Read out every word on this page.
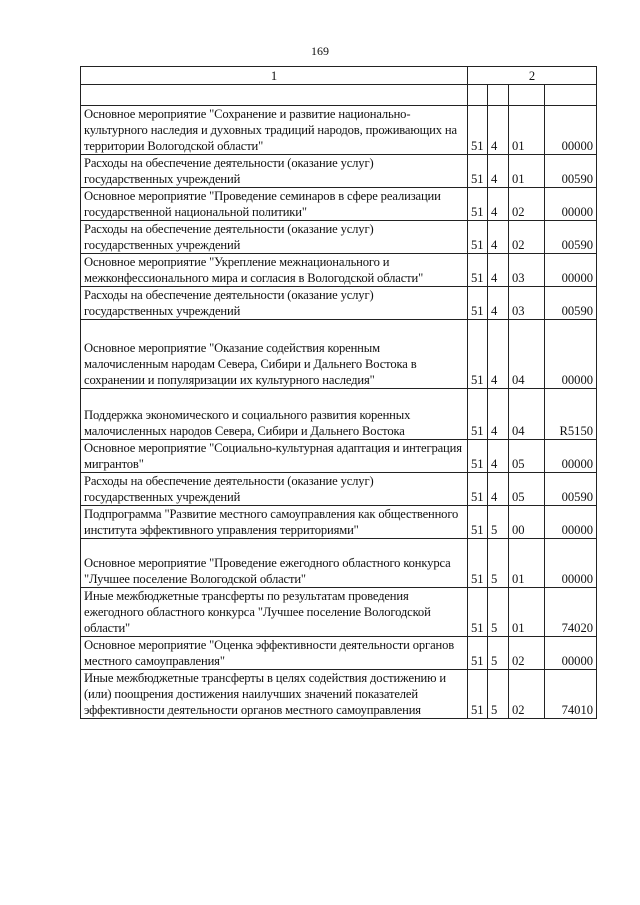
169
1	2			

Основное мероприятие "Сохранение и развитие национально-культурного наследия и духовных традиций народов, проживающих на территории Вологодской области"	51	4	01	00000
Расходы на обеспечение деятельности (оказание услуг) государственных учреждений	51	4	01	00590
Основное мероприятие "Проведение семинаров в сфере реализации государственной национальной политики"	51	4	02	00000
Расходы на обеспечение деятельности (оказание услуг) государственных учреждений	51	4	02	00590
Основное мероприятие "Укрепление межнационального и межконфессионального мира и согласия в Вологодской области"	51	4	03	00000
Расходы на обеспечение деятельности (оказание услуг) государственных учреждений	51	4	03	00590
Основное мероприятие "Оказание содействия коренным малочисленным народам Севера, Сибири и Дальнего Востока в сохранении и популяризации их культурного наследия"	51	4	04	00000
Поддержка экономического и социального развития коренных малочисленных народов Севера, Сибири и Дальнего Востока	51	4	04	R5150
Основное мероприятие "Социально-культурная адаптация и интеграция мигрантов"	51	4	05	00000
Расходы на обеспечение деятельности (оказание услуг) государственных учреждений	51	4	05	00590
Подпрограмма "Развитие местного самоуправления как общественного института эффективного управления территориями"	51	5	00	00000
Основное мероприятие "Проведение ежегодного областного конкурса "Лучшее поселение Вологодской области"	51	5	01	00000
Иные межбюджетные трансферты по результатам проведения ежегодного областного конкурса "Лучшее поселение Вологодской области"	51	5	01	74020
Основное мероприятие "Оценка эффективности деятельности органов местного самоуправления"	51	5	02	00000
Иные межбюджетные трансферты в целях содействия достижению и (или) поощрения достижения наилучших значений показателей эффективности деятельности органов местного самоуправления	51	5	02	74010
